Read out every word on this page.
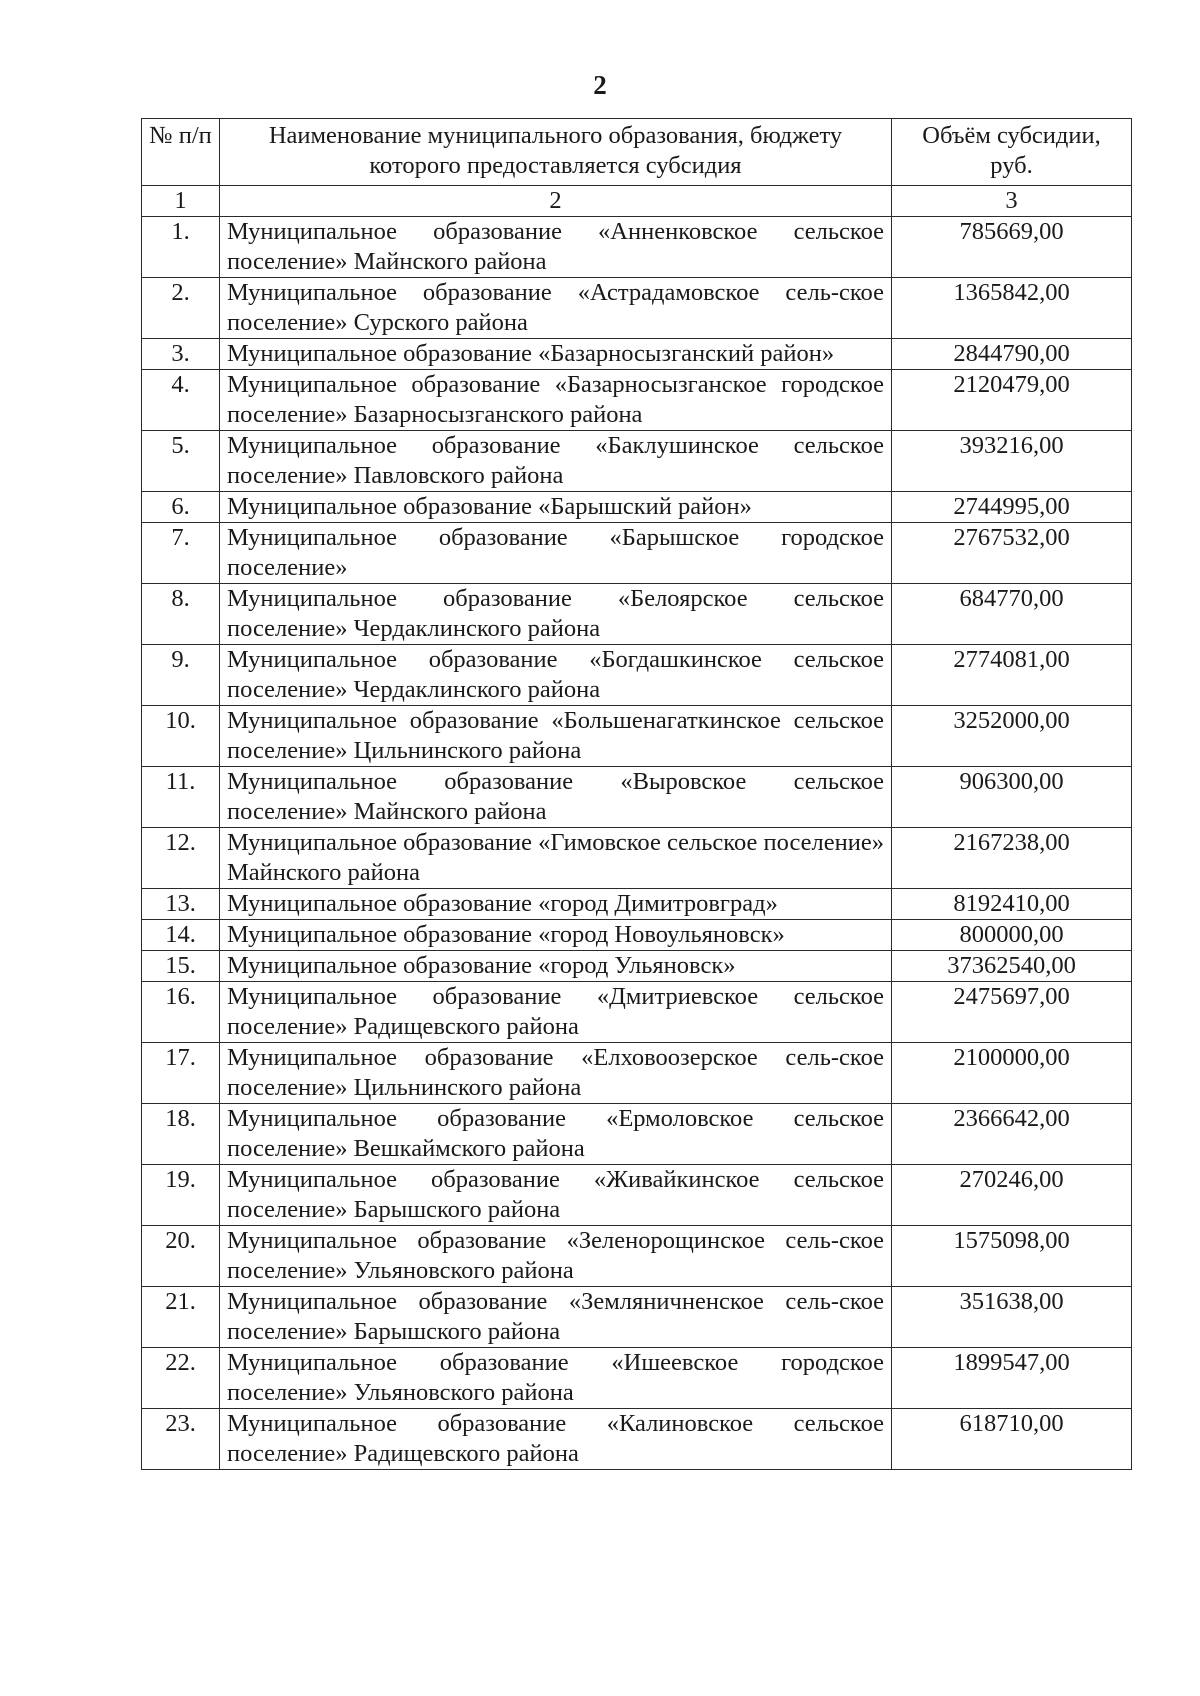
2
№ п/п	Наименование муниципального образования, бюджету которого предоставляется субсидия	Объём субсидии, руб.
1	2	3
1.	Муниципальное образование «Анненковское сельское поселение» Майнского района	785669,00
2.	Муниципальное образование «Астрадамовское сель-ское поселение» Сурского района	1365842,00
3.	Муниципальное образование «Базарносызганский район»	2844790,00
4.	Муниципальное образование «Базарносызганское городское поселение» Базарносызганского района	2120479,00
5.	Муниципальное образование «Баклушинское сельское поселение» Павловского района	393216,00
6.	Муниципальное образование «Барышский район»	2744995,00
7.	Муниципальное образование «Барышское городское поселение»	2767532,00
8.	Муниципальное образование «Белоярское сельское поселение» Чердаклинского района	684770,00
9.	Муниципальное образование «Богдашкинское сельское поселение» Чердаклинского района	2774081,00
10.	Муниципальное образование «Большенагаткинское сельское поселение» Цильнинского района	3252000,00
11.	Муниципальное образование «Выровское сельское поселение» Майнского района	906300,00
12.	Муниципальное образование «Гимовское сельское поселение» Майнского района	2167238,00
13.	Муниципальное образование «город Димитровград»	8192410,00
14.	Муниципальное образование «город Новоульяновск»	800000,00
15.	Муниципальное образование «город Ульяновск»	37362540,00
16.	Муниципальное образование «Дмитриевское сельское поселение» Радищевского района	2475697,00
17.	Муниципальное образование «Елховоозерское сель-ское поселение» Цильнинского района	2100000,00
18.	Муниципальное образование «Ермоловское сельское поселение» Вешкаймского района	2366642,00
19.	Муниципальное образование «Живайкинское сельское поселение» Барышского района	270246,00
20.	Муниципальное образование «Зеленорощинское сель-ское поселение» Ульяновского района	1575098,00
21.	Муниципальное образование «Земляничненское сель-ское поселение» Барышского района	351638,00
22.	Муниципальное образование «Ишеевское городское поселение» Ульяновского района	1899547,00
23.	Муниципальное образование «Калиновское сельское поселение» Радищевского района	618710,00
